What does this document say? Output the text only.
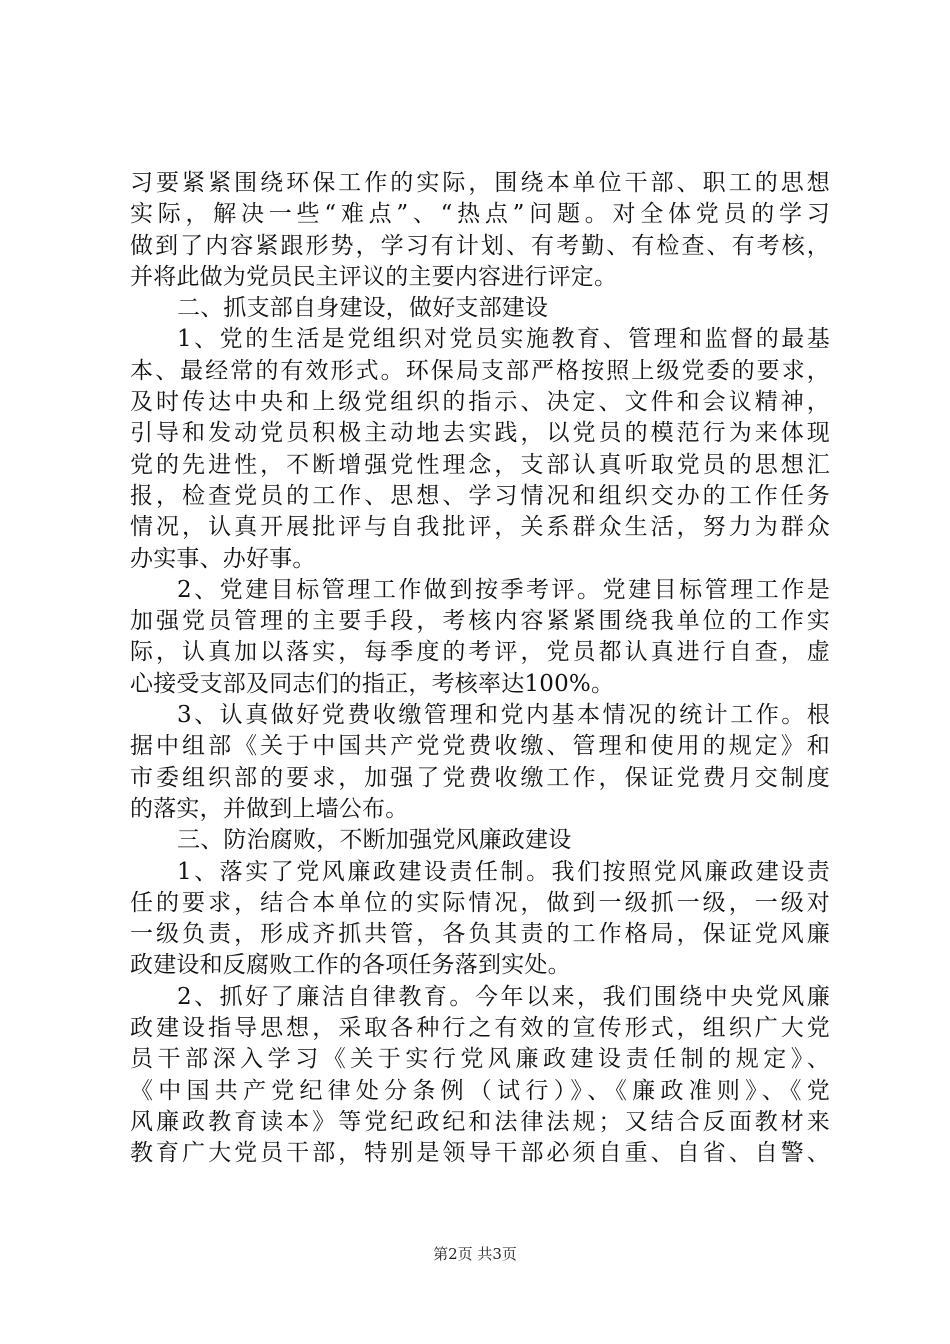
习要紧紧围绕环保工作的实际，围绕本单位干部、职工的思想
实际，解决一些“难点”、“热点”问题。对全体党员的学习
做到了内容紧跟形势，学习有计划、有考勤、有检查、有考核，
并将此做为党员民主评议的主要内容进行评定。
二、抓支部自身建设，做好支部建设
1、党的生活是党组织对党员实施教育、管理和监督的最基
本、最经常的有效形式。环保局支部严格按照上级党委的要求，
及时传达中央和上级党组织的指示、决定、文件和会议精神，
引导和发动党员积极主动地去实践，以党员的模范行为来体现
党的先进性，不断增强党性理念，支部认真听取党员的思想汇
报，检查党员的工作、思想、学习情况和组织交办的工作任务
情况，认真开展批评与自我批评，关系群众生活，努力为群众
办实事、办好事。
2、党建目标管理工作做到按季考评。党建目标管理工作是
加强党员管理的主要手段，考核内容紧紧围绕我单位的工作实
际，认真加以落实，每季度的考评，党员都认真进行自查，虚
心接受支部及同志们的指正，考核率达100%。
3、认真做好党费收缴管理和党内基本情况的统计工作。根
据中组部《关于中国共产党党费收缴、管理和使用的规定》和
市委组织部的要求，加强了党费收缴工作，保证党费月交制度
的落实，并做到上墙公布。
三、防治腐败，不断加强党风廉政建设
1、落实了党风廉政建设责任制。我们按照党风廉政建设责
任的要求，结合本单位的实际情况，做到一级抓一级，一级对
一级负责，形成齐抓共管，各负其责的工作格局，保证党风廉
政建设和反腐败工作的各项任务落到实处。
2、抓好了廉洁自律教育。今年以来，我们围绕中央党风廉
政建设指导思想，采取各种行之有效的宣传形式，组织广大党
员干部深入学习《关于实行党风廉政建设责任制的规定》、
《中国共产党纪律处分条例（试行）》、《廉政准则》、《党
风廉政教育读本》等党纪政纪和法律法规；又结合反面教材来
教育广大党员干部，特别是领导干部必须自重、自省、自警、
第2页 共3页
